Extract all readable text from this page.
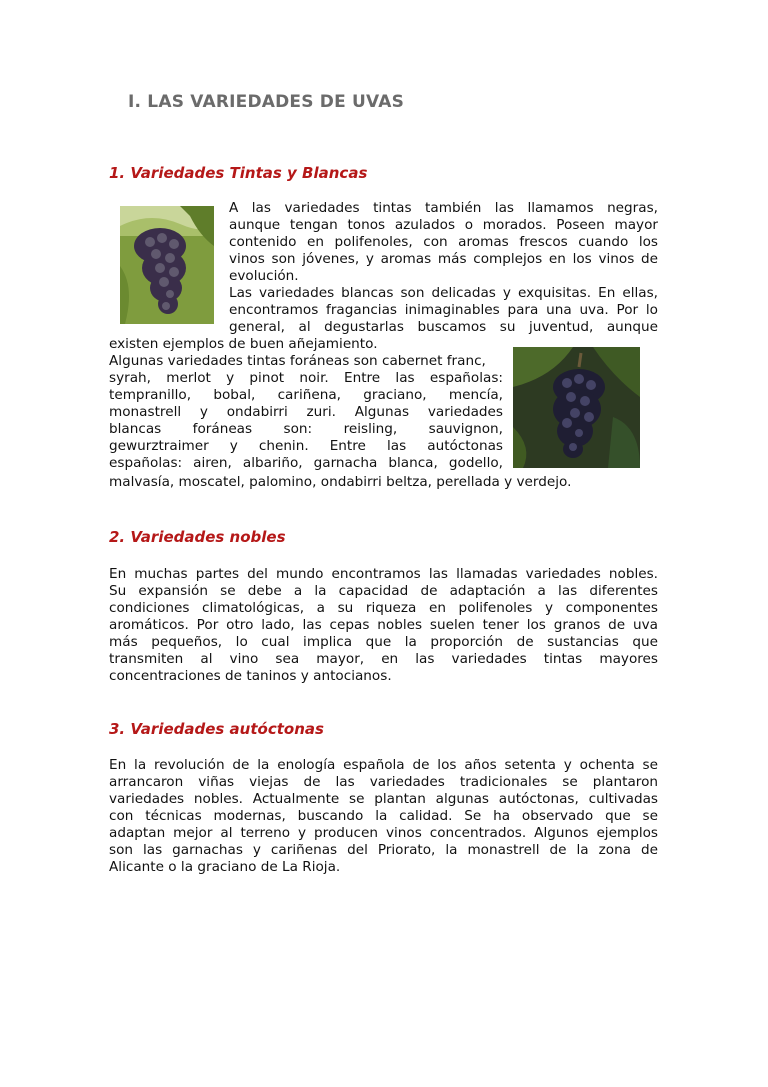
I. LAS VARIEDADES DE UVAS
1. Variedades Tintas y Blancas
A las variedades tintas también las llamamos negras,
aunque tengan tonos azulados o morados. Poseen mayor
contenido en polifenoles, con aromas frescos cuando los
vinos son jóvenes, y aromas más complejos en los vinos de
evolución.
Las variedades blancas son delicadas y exquisitas. En ellas,
encontramos fragancias inimaginables para una uva. Por lo
general, al degustarlas buscamos su juventud, aunque
existen ejemplos de buen añejamiento.
Algunas variedades tintas foráneas son cabernet franc,
syrah, merlot y pinot noir. Entre las españolas:
tempranillo, bobal, cariñena, graciano, mencía,
monastrell y ondabirri zuri. Algunas variedades
blancas foráneas son: reisling, sauvignon,
gewurztraimer y chenin. Entre las autóctonas
españolas: airen, albariño, garnacha blanca, godello,
malvasía, moscatel, palomino, ondabirri beltza, perellada y verdejo.
2. Variedades nobles
En muchas partes del mundo encontramos las llamadas variedades nobles.
Su expansión se debe a la capacidad de adaptación a las diferentes
condiciones climatológicas, a su riqueza en polifenoles y componentes
aromáticos. Por otro lado, las cepas nobles suelen tener los granos de uva
más pequeños, lo cual implica que la proporción de sustancias que
transmiten al vino sea mayor, en las variedades tintas mayores
concentraciones de taninos y antocianos.
3. Variedades autóctonas
En la revolución de la enología española de los años setenta y ochenta se
arrancaron viñas viejas de las variedades tradicionales se plantaron
variedades nobles. Actualmente se plantan algunas autóctonas, cultivadas
con técnicas modernas, buscando la calidad. Se ha observado que se
adaptan mejor al terreno y producen vinos concentrados. Algunos ejemplos
son las garnachas y cariñenas del Priorato, la monastrell de la zona de
Alicante o la graciano de La Rioja.
